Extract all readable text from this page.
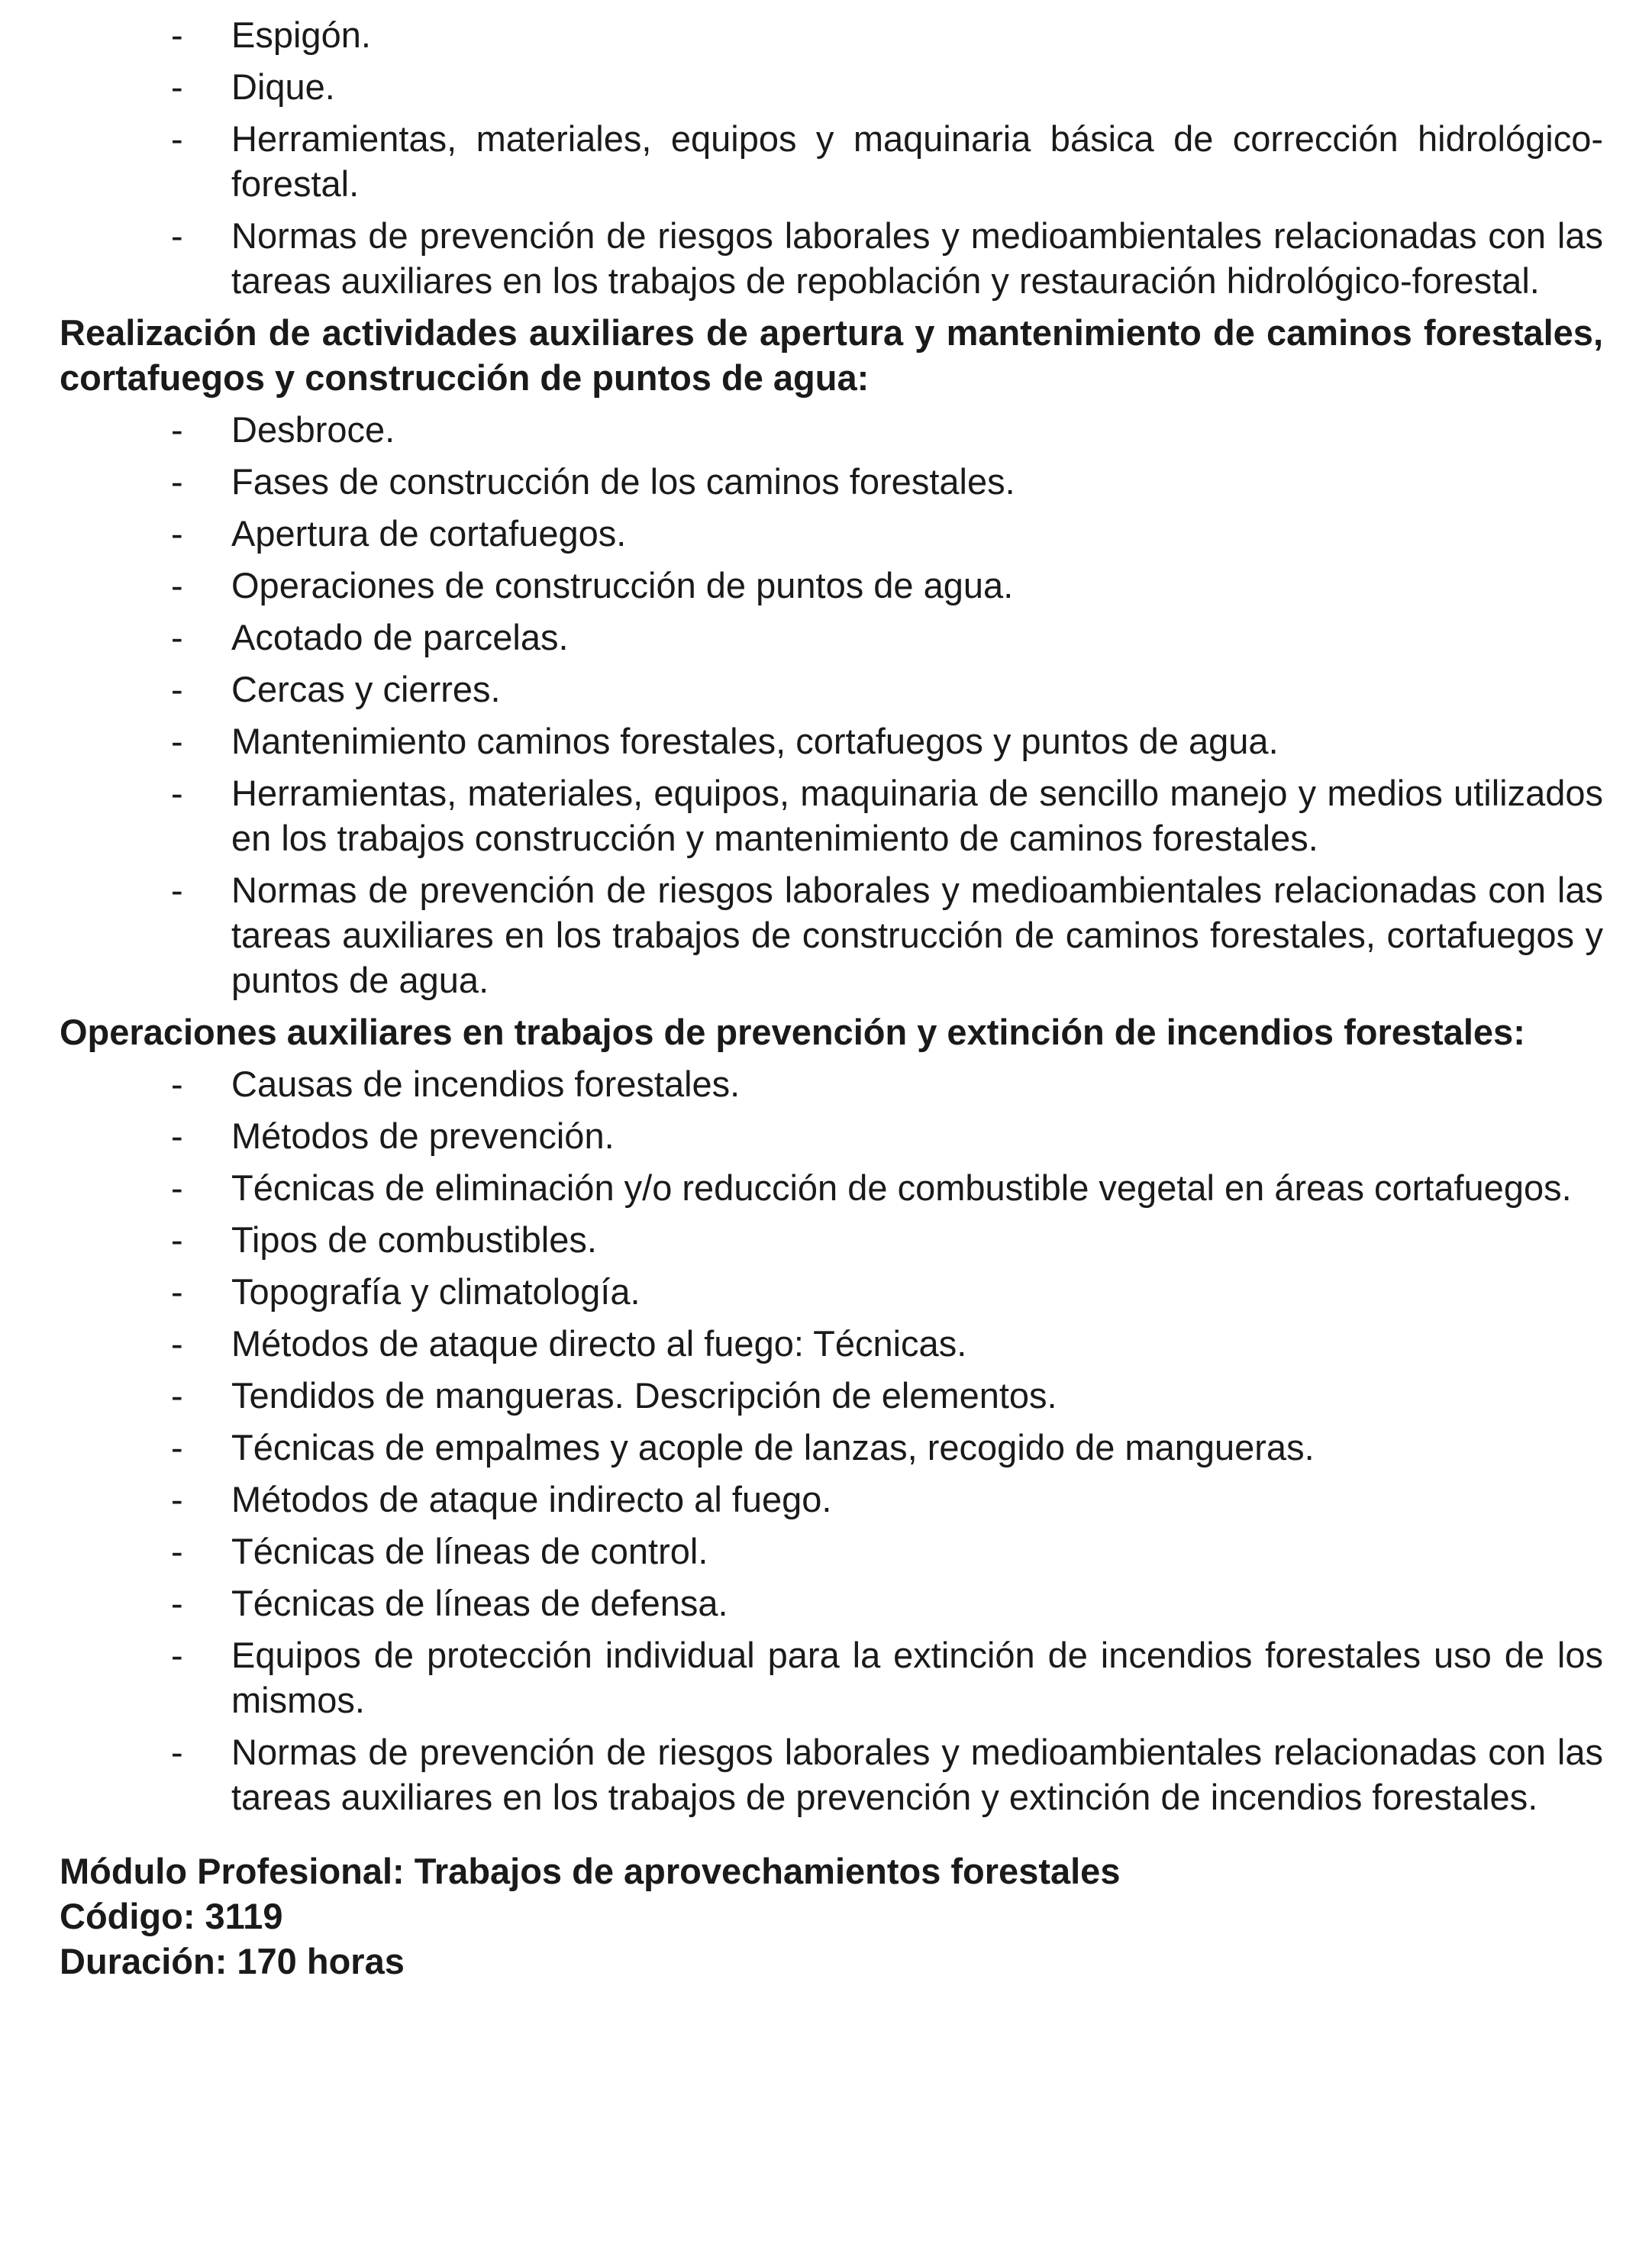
- Espigón.
- Dique.
- Herramientas, materiales, equipos y maquinaria básica de corrección hidrológico-forestal.
- Normas de prevención de riesgos laborales y medioambientales relacionadas con las tareas auxiliares en los trabajos de repoblación y restauración hidrológico-forestal.
Realización de actividades auxiliares de apertura y mantenimiento de caminos forestales, cortafuegos y construcción de puntos de agua:
- Desbroce.
- Fases de construcción de los caminos forestales.
- Apertura de cortafuegos.
- Operaciones de construcción de puntos de agua.
- Acotado de parcelas.
- Cercas y cierres.
- Mantenimiento caminos forestales, cortafuegos y puntos de agua.
- Herramientas, materiales, equipos, maquinaria de sencillo manejo y medios utilizados en los trabajos construcción y mantenimiento de caminos forestales.
- Normas de prevención de riesgos laborales y medioambientales relacionadas con las tareas auxiliares en los trabajos de construcción de caminos forestales, cortafuegos y puntos de agua.
Operaciones auxiliares en trabajos de prevención y extinción de incendios forestales:
- Causas de incendios forestales.
- Métodos de prevención.
- Técnicas de eliminación y/o reducción de combustible vegetal en áreas cortafuegos.
- Tipos de combustibles.
- Topografía y climatología.
- Métodos de ataque directo al fuego: Técnicas.
- Tendidos de mangueras. Descripción de elementos.
- Técnicas de empalmes y acople de lanzas, recogido de mangueras.
- Métodos de ataque indirecto al fuego.
- Técnicas de líneas de control.
- Técnicas de líneas de defensa.
- Equipos de protección individual para la extinción de incendios forestales uso de los mismos.
- Normas de prevención de riesgos laborales y medioambientales relacionadas con las tareas auxiliares en los trabajos de prevención y extinción de incendios forestales.
Módulo Profesional: Trabajos de aprovechamientos forestales
Código: 3119
Duración: 170 horas
